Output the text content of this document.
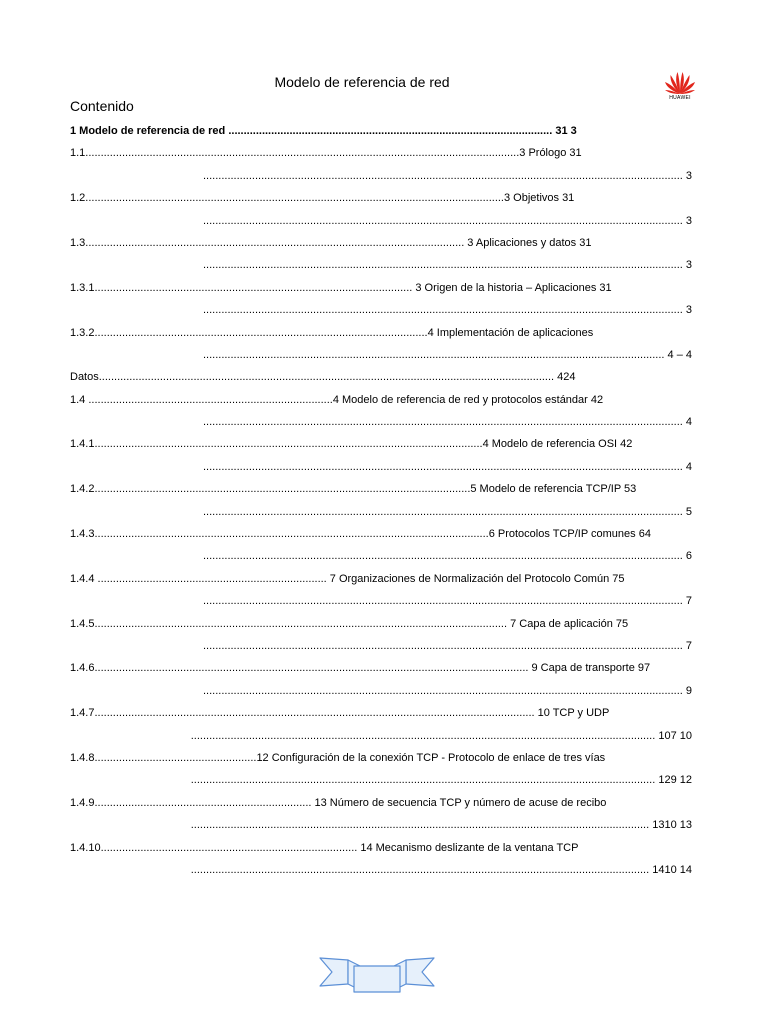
Modelo de referencia de red
HUAWEI
Contenido
1 Modelo de referencia de red .......................................................................................................... 31 3
1.1..............................................................................................................................................3 Prólogo 31
............................................................................................................................................................. 3
1.2.........................................................................................................................................3 Objetivos 31
............................................................................................................................................................. 3
1.3............................................................................................................................ 3 Aplicaciones y datos 31
............................................................................................................................................................. 3
1.3.1........................................................................................................ 3 Origen de la historia – Aplicaciones 31
............................................................................................................................................................. 3
1.3.2.............................................................................................................4 Implementación de aplicaciones
....................................................................................................................................................... 4 – 4
Datos..................................................................................................................................................... 424
1.4 ................................................................................4 Modelo de referencia de red y protocolos estándar 42
............................................................................................................................................................. 4
1.4.1...............................................................................................................................4 Modelo de referencia OSI 42
............................................................................................................................................................. 4
1.4.2...........................................................................................................................5 Modelo de referencia TCP/IP 53
............................................................................................................................................................. 5
1.4.3.................................................................................................................................6 Protocolos TCP/IP comunes 64
............................................................................................................................................................. 6
1.4.4 ........................................................................... 7 Organizaciones de Normalización del Protocolo Común 75
............................................................................................................................................................. 7
1.4.5....................................................................................................................................... 7 Capa de aplicación 75
............................................................................................................................................................. 7
1.4.6.............................................................................................................................................. 9 Capa de transporte 97
............................................................................................................................................................. 9
1.4.7................................................................................................................................................ 10 TCP y UDP
........................................................................................................................................................ 107 10
1.4.8.....................................................12 Configuración de la conexión TCP - Protocolo de enlace de tres vías
........................................................................................................................................................ 129 12
1.4.9....................................................................... 13 Número de secuencia TCP y número de acuse de recibo
...................................................................................................................................................... 1310 13
1.4.10.................................................................................... 14 Mecanismo deslizante de la ventana TCP
...................................................................................................................................................... 1410 14
